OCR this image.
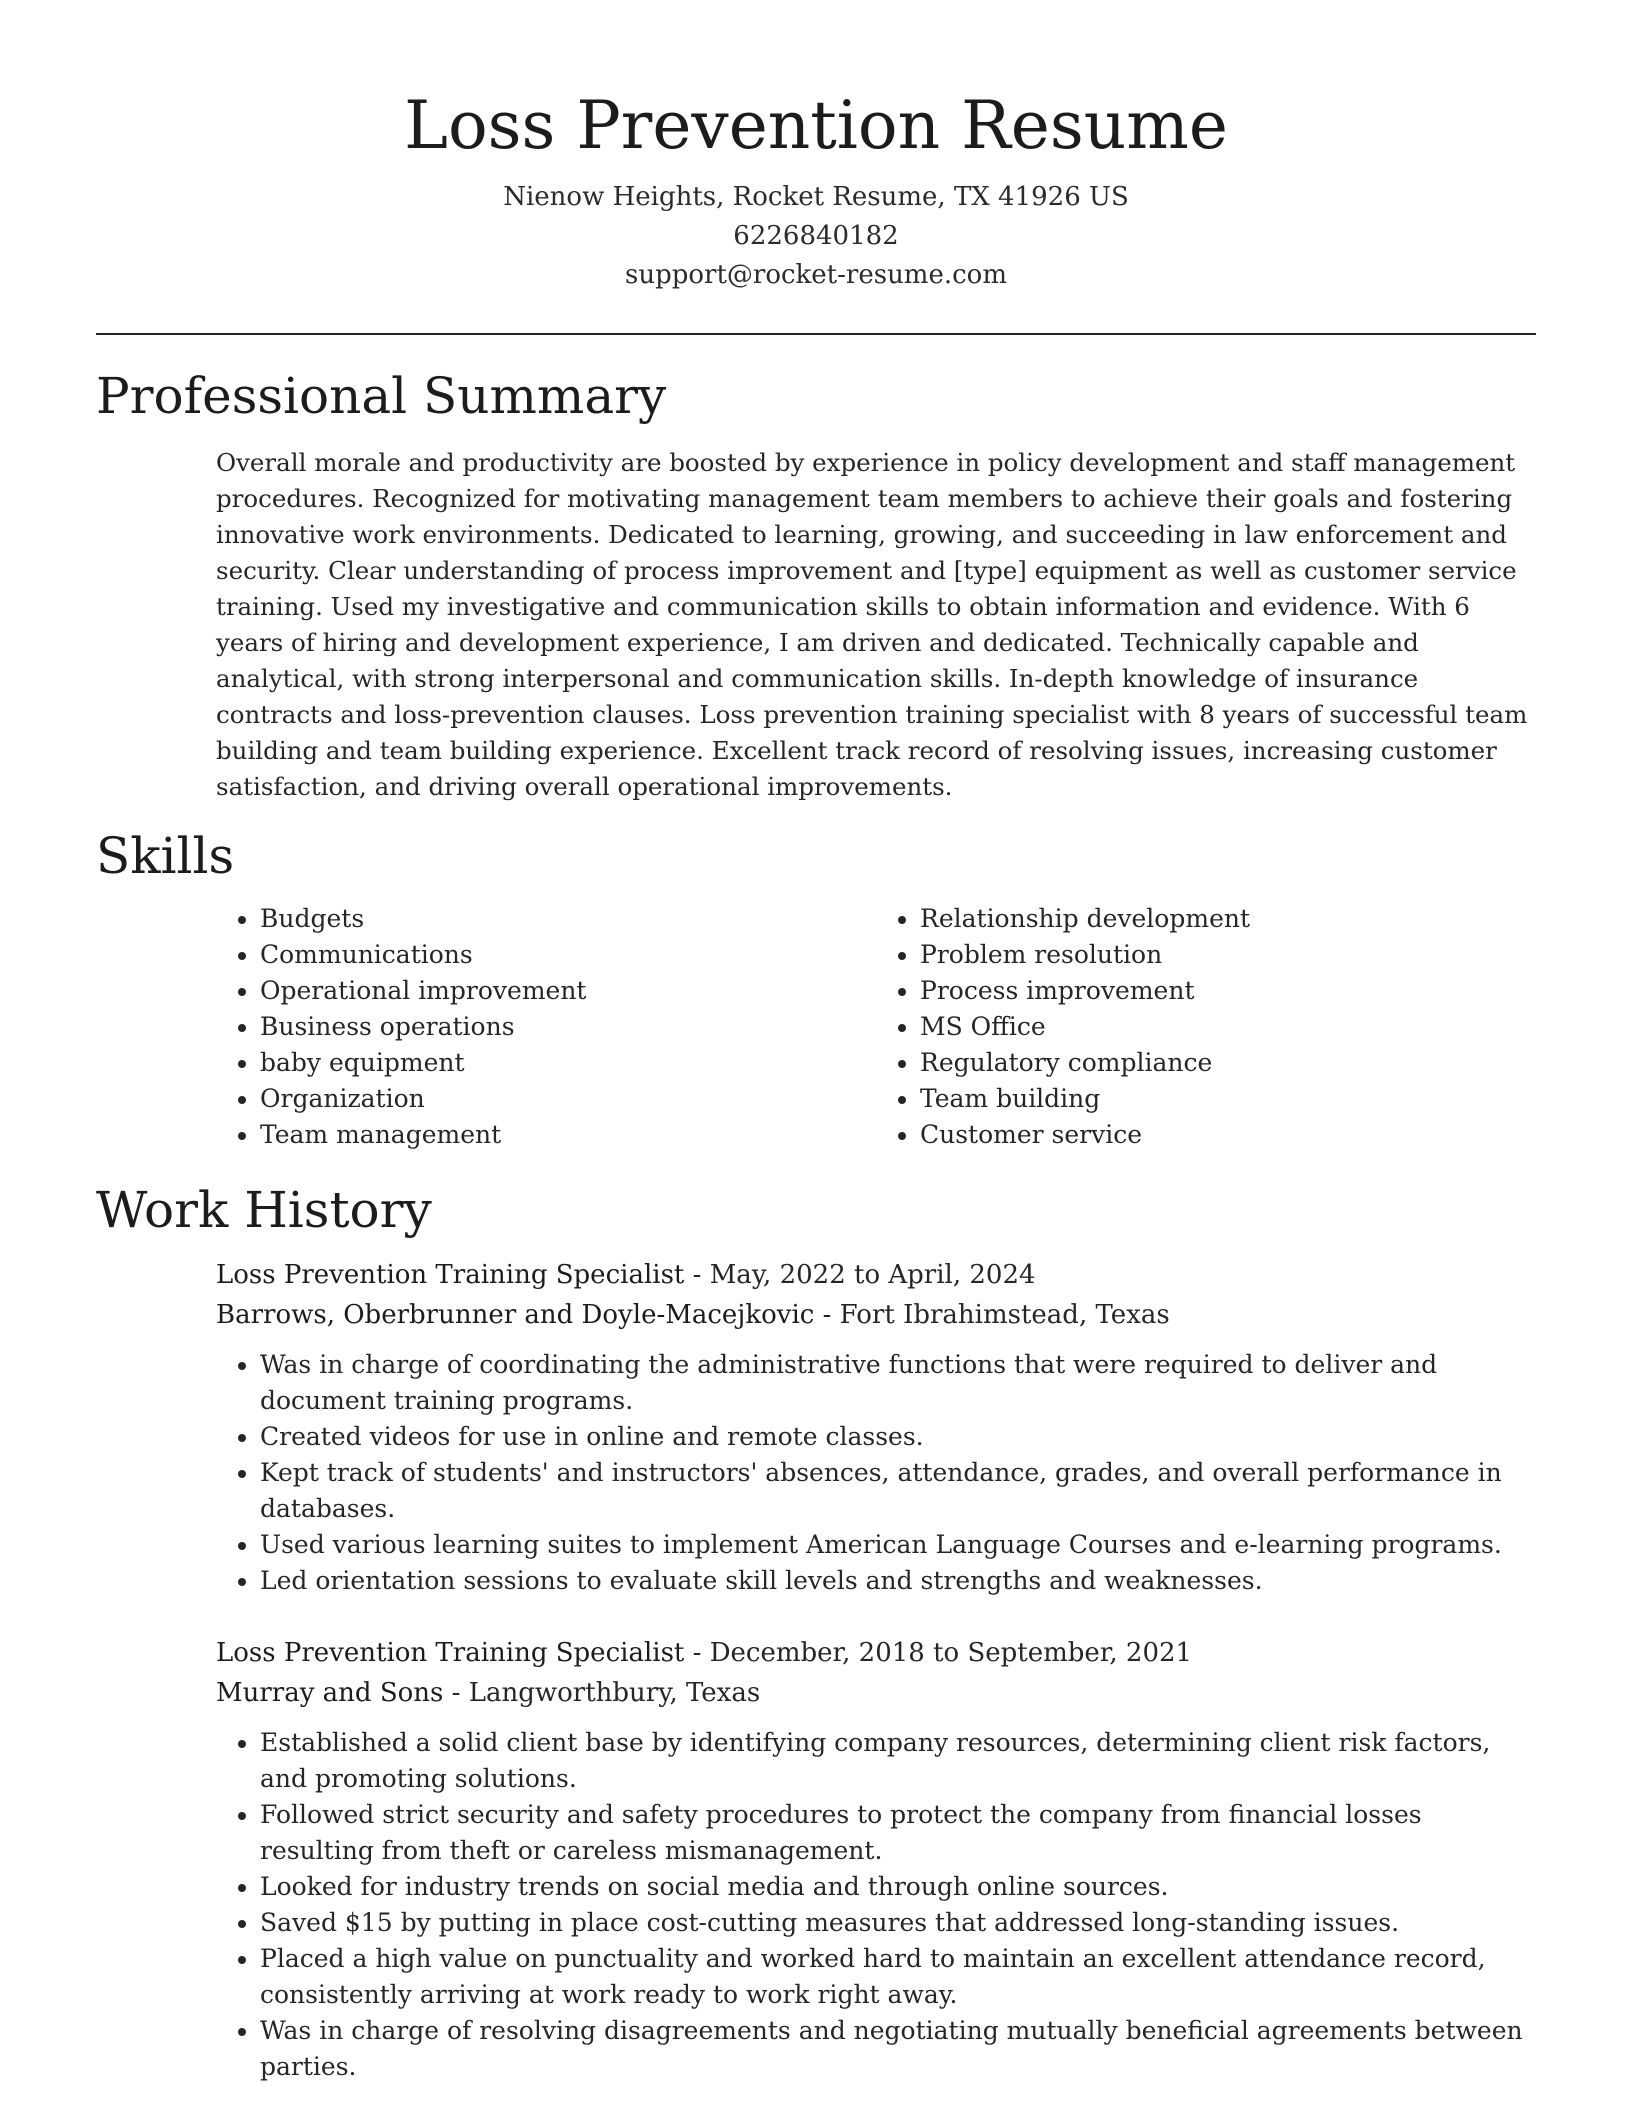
Loss Prevention Resume
Nienow Heights, Rocket Resume, TX 41926 US
6226840182
support@rocket-resume.com
Professional Summary

Overall morale and productivity are boosted by experience in policy development and staff management procedures. Recognized for motivating management team members to achieve their goals and fostering innovative work environments. Dedicated to learning, growing, and succeeding in law enforcement and security. Clear understanding of process improvement and [type] equipment as well as customer service training. Used my investigative and communication skills to obtain information and evidence. With 6 years of hiring and development experience, I am driven and dedicated. Technically capable and analytical, with strong interpersonal and communication skills. In-depth knowledge of insurance contracts and loss-prevention clauses. Loss prevention training specialist with 8 years of successful team building and team building experience. Excellent track record of resolving issues, increasing customer satisfaction, and driving overall operational improvements.

Skills
• Budgets
• Communications
• Operational improvement
• Business operations
• baby equipment
• Organization
• Team management
• Relationship development
• Problem resolution
• Process improvement
• MS Office
• Regulatory compliance
• Team building
• Customer service
Work History
Loss Prevention Training Specialist - May, 2022 to April, 2024
Barrows, Oberbrunner and Doyle-Macejkovic - Fort Ibrahimstead, Texas
• Was in charge of coordinating the administrative functions that were required to deliver and document training programs.
• Created videos for use in online and remote classes.
• Kept track of students' and instructors' absences, attendance, grades, and overall performance in databases.
• Used various learning suites to implement American Language Courses and e-learning programs.
• Led orientation sessions to evaluate skill levels and strengths and weaknesses.
Loss Prevention Training Specialist - December, 2018 to September, 2021
Murray and Sons - Langworthbury, Texas
• Established a solid client base by identifying company resources, determining client risk factors, and promoting solutions.
• Followed strict security and safety procedures to protect the company from financial losses resulting from theft or careless mismanagement.
• Looked for industry trends on social media and through online sources.
• Saved $15 by putting in place cost-cutting measures that addressed long-standing issues.
• Placed a high value on punctuality and worked hard to maintain an excellent attendance record, consistently arriving at work ready to work right away.
• Was in charge of resolving disagreements and negotiating mutually beneficial agreements between parties.
